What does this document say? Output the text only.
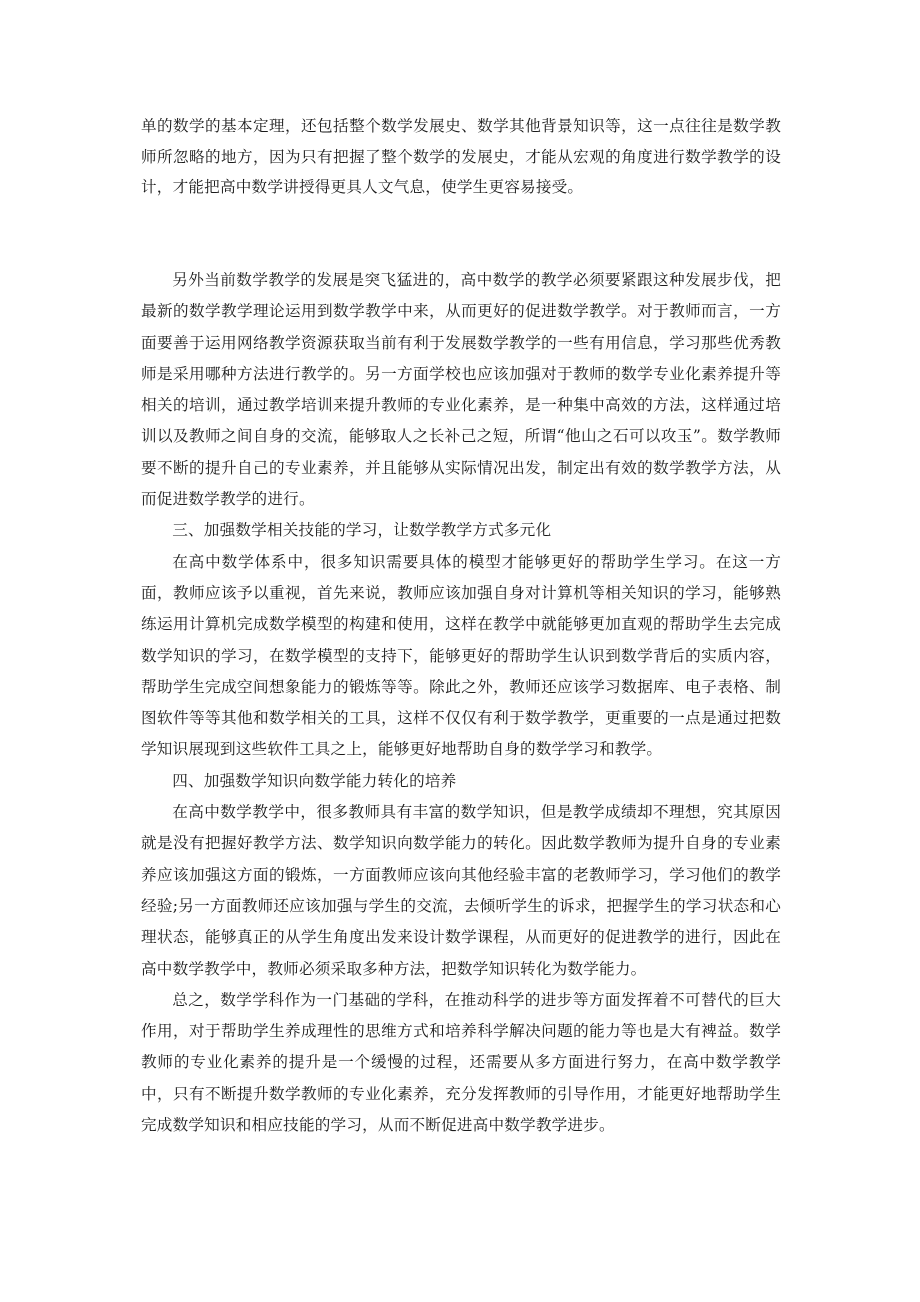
单的数学的基本定理，还包括整个数学发展史、数学其他背景知识等，这一点往往是数学教师所忽略的地方，因为只有把握了整个数学的发展史，才能从宏观的角度进行数学教学的设计，才能把高中数学讲授得更具人文气息，使学生更容易接受。

另外当前数学教学的发展是突飞猛进的，高中数学的教学必须要紧跟这种发展步伐，把最新的数学教学理论运用到数学教学中来，从而更好的促进数学教学。对于教师而言，一方面要善于运用网络教学资源获取当前有利于发展数学教学的一些有用信息，学习那些优秀教师是采用哪种方法进行教学的。另一方面学校也应该加强对于教师的数学专业化素养提升等相关的培训，通过教学培训来提升教师的专业化素养，是一种集中高效的方法，这样通过培训以及教师之间自身的交流，能够取人之长补己之短，所谓“他山之石可以攻玉”。数学教师要不断的提升自己的专业素养，并且能够从实际情况出发，制定出有效的数学教学方法，从而促进数学教学的进行。

三、加强数学相关技能的学习，让数学教学方式多元化

在高中数学体系中，很多知识需要具体的模型才能够更好的帮助学生学习。在这一方面，教师应该予以重视，首先来说，教师应该加强自身对计算机等相关知识的学习，能够熟练运用计算机完成数学模型的构建和使用，这样在教学中就能够更加直观的帮助学生去完成数学知识的学习，在数学模型的支持下，能够更好的帮助学生认识到数学背后的实质内容，帮助学生完成空间想象能力的锻炼等等。除此之外，教师还应该学习数据库、电子表格、制图软件等等其他和数学相关的工具，这样不仅仅有利于数学教学，更重要的一点是通过把数学知识展现到这些软件工具之上，能够更好地帮助自身的数学学习和教学。

四、加强数学知识向数学能力转化的培养

在高中数学教学中，很多教师具有丰富的数学知识，但是教学成绩却不理想，究其原因就是没有把握好教学方法、数学知识向数学能力的转化。因此数学教师为提升自身的专业素养应该加强这方面的锻炼，一方面教师应该向其他经验丰富的老教师学习，学习他们的教学经验;另一方面教师还应该加强与学生的交流，去倾听学生的诉求，把握学生的学习状态和心理状态，能够真正的从学生角度出发来设计数学课程，从而更好的促进教学的进行，因此在高中数学教学中，教师必须采取多种方法，把数学知识转化为数学能力。

总之，数学学科作为一门基础的学科，在推动科学的进步等方面发挥着不可替代的巨大作用，对于帮助学生养成理性的思维方式和培养科学解决问题的能力等也是大有裨益。数学教师的专业化素养的提升是一个缓慢的过程，还需要从多方面进行努力，在高中数学教学中，只有不断提升数学教师的专业化素养，充分发挥教师的引导作用，才能更好地帮助学生完成数学知识和相应技能的学习，从而不断促进高中数学教学进步。
